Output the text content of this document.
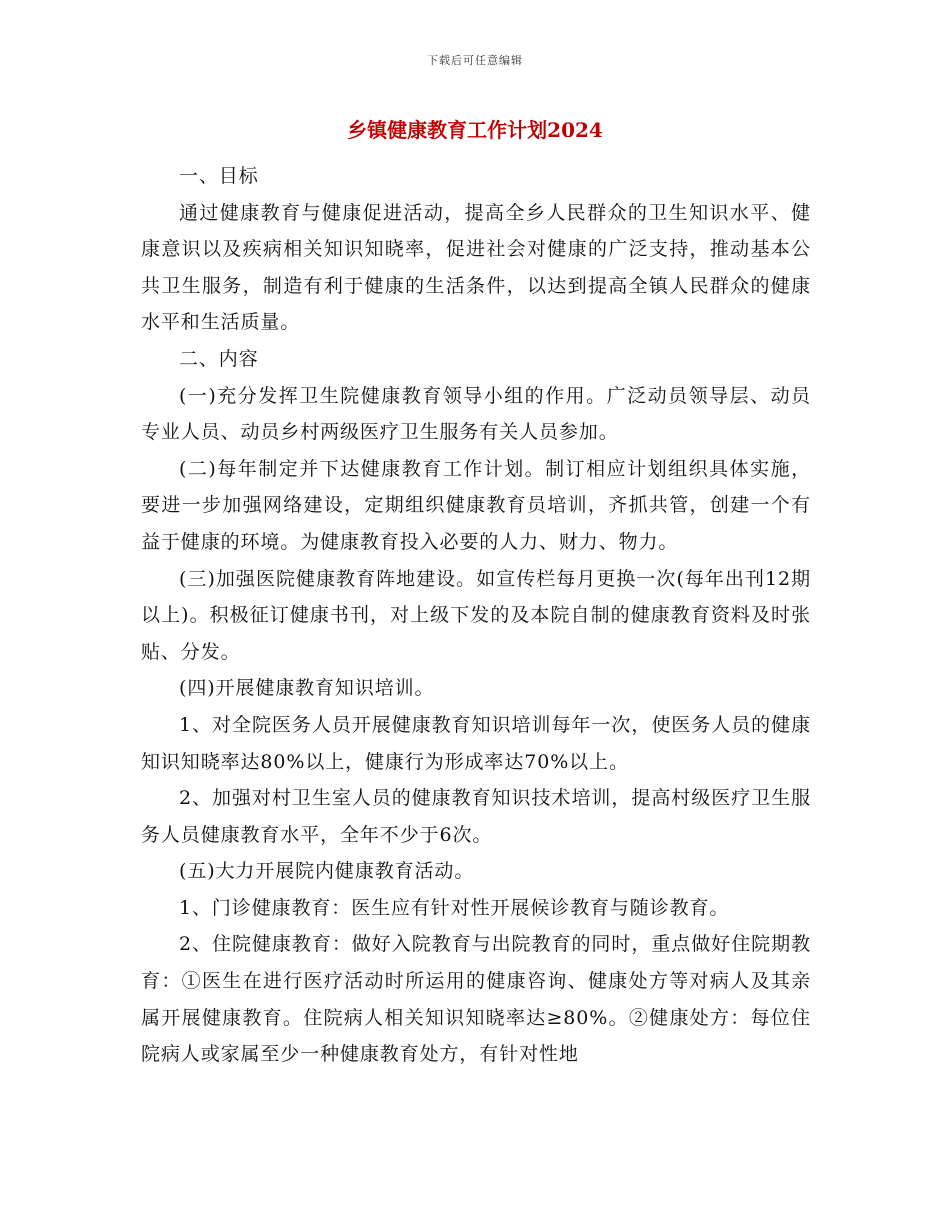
下载后可任意编辑
乡镇健康教育工作计划2024

一、目标

通过健康教育与健康促进活动，提高全乡人民群众的卫生知识水平、健康意识以及疾病相关知识知晓率，促进社会对健康的广泛支持，推动基本公共卫生服务，制造有利于健康的生活条件，以达到提高全镇人民群众的健康水平和生活质量。

二、内容

(一)充分发挥卫生院健康教育领导小组的作用。广泛动员领导层、动员专业人员、动员乡村两级医疗卫生服务有关人员参加。

(二)每年制定并下达健康教育工作计划。制订相应计划组织具体实施，要进一步加强网络建设，定期组织健康教育员培训，齐抓共管，创建一个有益于健康的环境。为健康教育投入必要的人力、财力、物力。

(三)加强医院健康教育阵地建设。如宣传栏每月更换一次(每年出刊12期以上)。积极征订健康书刊，对上级下发的及本院自制的健康教育资料及时张贴、分发。

(四)开展健康教育知识培训。

1、对全院医务人员开展健康教育知识培训每年一次，使医务人员的健康知识知晓率达80%以上，健康行为形成率达70%以上。

2、加强对村卫生室人员的健康教育知识技术培训，提高村级医疗卫生服务人员健康教育水平，全年不少于6次。

(五)大力开展院内健康教育活动。

1、门诊健康教育：医生应有针对性开展候诊教育与随诊教育。

2、住院健康教育：做好入院教育与出院教育的同时，重点做好住院期教育：①医生在进行医疗活动时所运用的健康咨询、健康处方等对病人及其亲属开展健康教育。住院病人相关知识知晓率达≥80%。②健康处方：每位住院病人或家属至少一种健康教育处方，有针对性地
